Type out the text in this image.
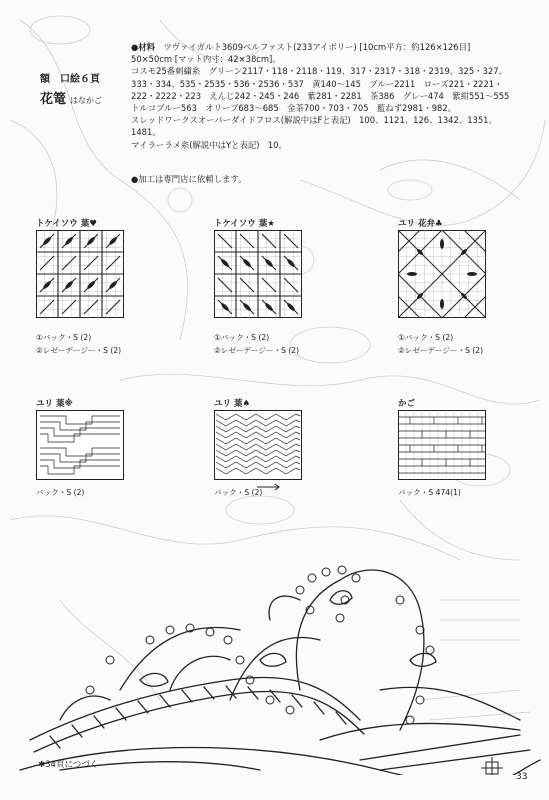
額 口絵６頁
花篭 はなかご
●材料　 ツヴァイガルト3609ベルファスト(233アイボリー) [10cm平方：約126×126目]
50×50cm [マット内寸：42×38cm]。
コスモ25番刺繍糸　グリーン2117・118・2118・119、317・2317・318・2319、325・327、
333・334、535・2535・536・2536・537　黄140〜145　ブルー2211　ローズ221・2221・
222・2222・223　えんじ242・245・246　紫281・2281　茶386　グレー474　紫紺551〜555
トルコブルー563　オリーブ683〜685　金茶700・703・705　藍ねず2981・982。
スレッドワークスオーバーダイドフロス(解説中はFと表記)　100、1121、126、1342、1351、
1481。
マイラーラメ糸(解説中はYと表記)　10。
●加工は専門店に依頼します。
トケイソウ 葉♥
①バック・S (2)
②レゼーデージー・S (2)
トケイソウ 葉★
①バック・S (2)
②レゼーデージー・S (2)
ユリ 花弁♣
①バック・S (2)
②レゼーデージー・S (2)
ユリ 葉※
バック・S (2)
ユリ 葉♠
バック・S (2)
かご
バック・S 474(1)
✱34頁につづく
33
